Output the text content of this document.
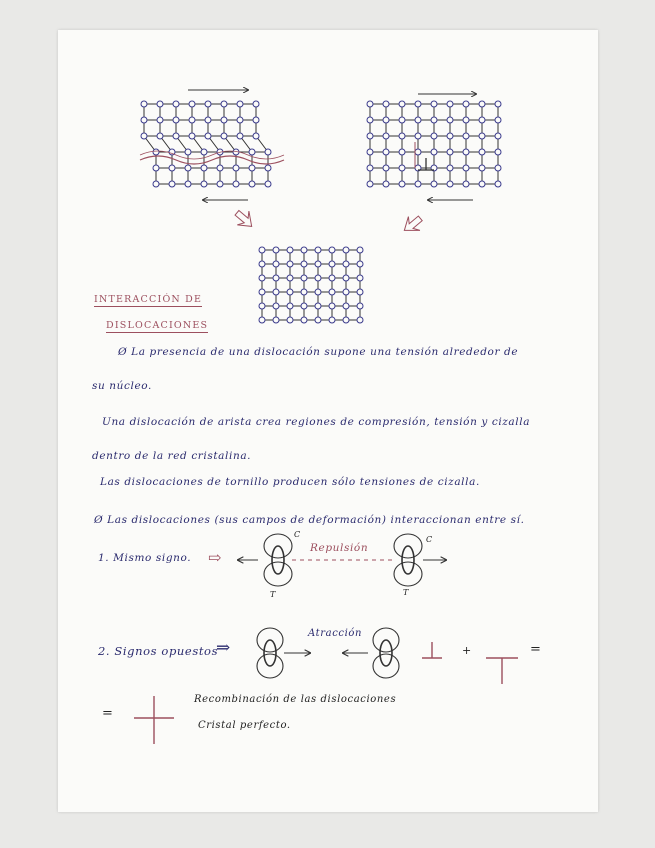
INTERACCIÓN DE
DISLOCACIONES
Ø La presencia de una dislocación supone una tensión alrededor de
su núcleo.
Una dislocación de arista crea regiones de compresión, tensión y cizalla
dentro de la red cristalina.
Las dislocaciones de tornillo producen sólo tensiones de cizalla.
Ø Las dislocaciones (sus campos de deformación) interaccionan entre sí.
1. Mismo signo. ⇨	Repulsión
C
C
T	T
2. Signos opuestos
⇒
Atracción
+	=
=
Recombinación de las dislocaciones
Cristal perfecto.
